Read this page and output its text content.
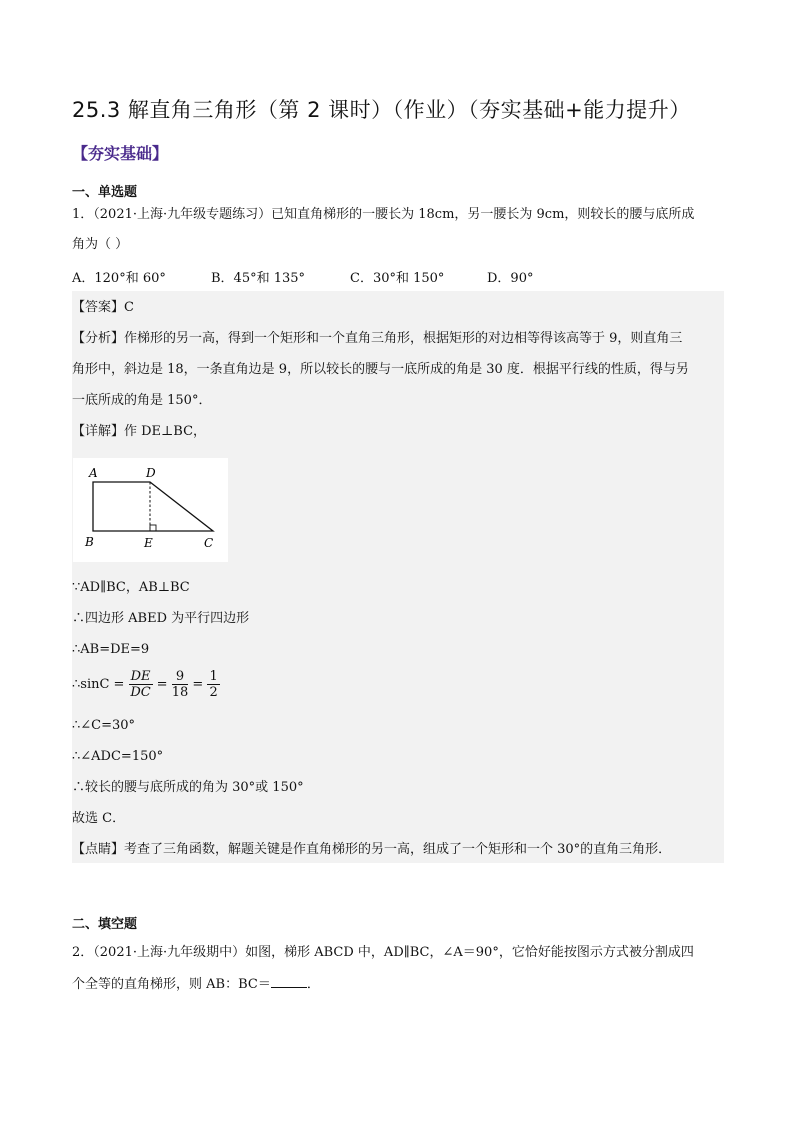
25.3 解直角三角形（第 2 课时）（作业）（夯实基础+能力提升）
【夯实基础】
一、单选题
1．（2021·上海·九年级专题练习）已知直角梯形的一腰长为 18cm，另一腰长为 9cm，则较长的腰与底所成
角为（ ）
A．120°和 60°	B．45°和 135°	C．30°和 150°	D．90°
【答案】C
【分析】作梯形的另一高，得到一个矩形和一个直角三角形，根据矩形的对边相等得该高等于 9，则直角三
角形中，斜边是 18，一条直角边是 9，所以较长的腰与一底所成的角是 30 度．根据平行线的性质，得与另
一底所成的角是 150°．
【详解】作 DE⊥BC，
A	D
B	E	C
∵AD∥BC，AB⊥BC
∴四边形 ABED 为平行四边形
∴AB=DE=9
∴sinC = $\frac{DE}{DC} = \frac{9}{18} = \frac{1}{2}$
∴∠C=30°
∴∠ADC=150°
∴较长的腰与底所成的角为 30°或 150°
故选 C．
【点睛】考查了三角函数，解题关键是作直角梯形的另一高，组成了一个矩形和一个 30°的直角三角形．
二、填空题
2．（2021·上海·九年级期中）如图，梯形 ABCD 中，AD∥BC，∠A＝90°，它恰好能按图示方式被分割成四
个全等的直角梯形，则 AB：BC＝	．
